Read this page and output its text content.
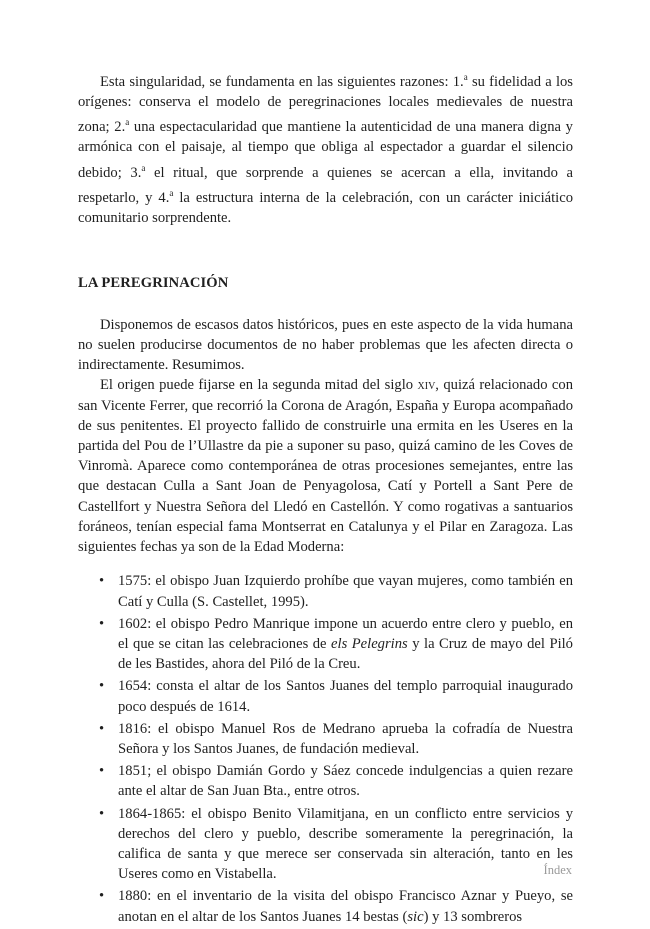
Esta singularidad, se fundamenta en las siguientes razones: 1.$^a$ su fidelidad a los orígenes: conserva el modelo de peregrinaciones locales medievales de nuestra zona; 2.$^a$ una espectacularidad que mantiene la autenticidad de una manera digna y armónica con el paisaje, al tiempo que obliga al espectador a guardar el silencio debido; 3.$^a$ el ritual, que sorprende a quienes se acercan a ella, invitando a respetarlo, y 4.$^a$ la estructura interna de la celebración, con un carácter iniciático comunitario sorprendente.

LA PEREGRINACIÓN

Disponemos de escasos datos históricos, pues en este aspecto de la vida humana no suelen producirse documentos de no haber problemas que les afecten directa o indirectamente. Resumimos.

El origen puede fijarse en la segunda mitad del siglo xiv, quizá relacionado con san Vicente Ferrer, que recorrió la Corona de Aragón, España y Europa acompañado de sus penitentes. El proyecto fallido de construirle una ermita en les Useres en la partida del Pou de l’Ullastre da pie a suponer su paso, quizá camino de les Coves de Vinromà. Aparece como contemporánea de otras procesiones semejantes, entre las que destacan Culla a Sant Joan de Penyagolosa, Catí y Portell a Sant Pere de Castellfort y Nuestra Señora del Lledó en Castellón. Y como rogativas a santuarios foráneos, tenían especial fama Montserrat en Catalunya y el Pilar en Zaragoza. Las siguientes fechas ya son de la Edad Moderna:

• 1575: el obispo Juan Izquierdo prohíbe que vayan mujeres, como también en Catí y Culla (S. Castellet, 1995).
• 1602: el obispo Pedro Manrique impone un acuerdo entre clero y pueblo, en el que se citan las celebraciones de els Pelegrins y la Cruz de mayo del Piló de les Bastides, ahora del Piló de la Creu.
• 1654: consta el altar de los Santos Juanes del templo parroquial inaugurado poco después de 1614.
• 1816: el obispo Manuel Ros de Medrano aprueba la cofradía de Nuestra Señora y los Santos Juanes, de fundación medieval.
• 1851; el obispo Damián Gordo y Sáez concede indulgencias a quien rezare ante el altar de San Juan Bta., entre otros.
• 1864-1865: el obispo Benito Vilamitjana, en un conflicto entre servicios y derechos del clero y pueblo, describe someramente la peregrinación, la califica de santa y que merece ser conservada sin alteración, tanto en les Useres como en Vistabella.
• 1880: en el inventario de la visita del obispo Francisco Aznar y Pueyo, se anotan en el altar de los Santos Juanes 14 bestas (sic) y 13 sombreros
Índex
